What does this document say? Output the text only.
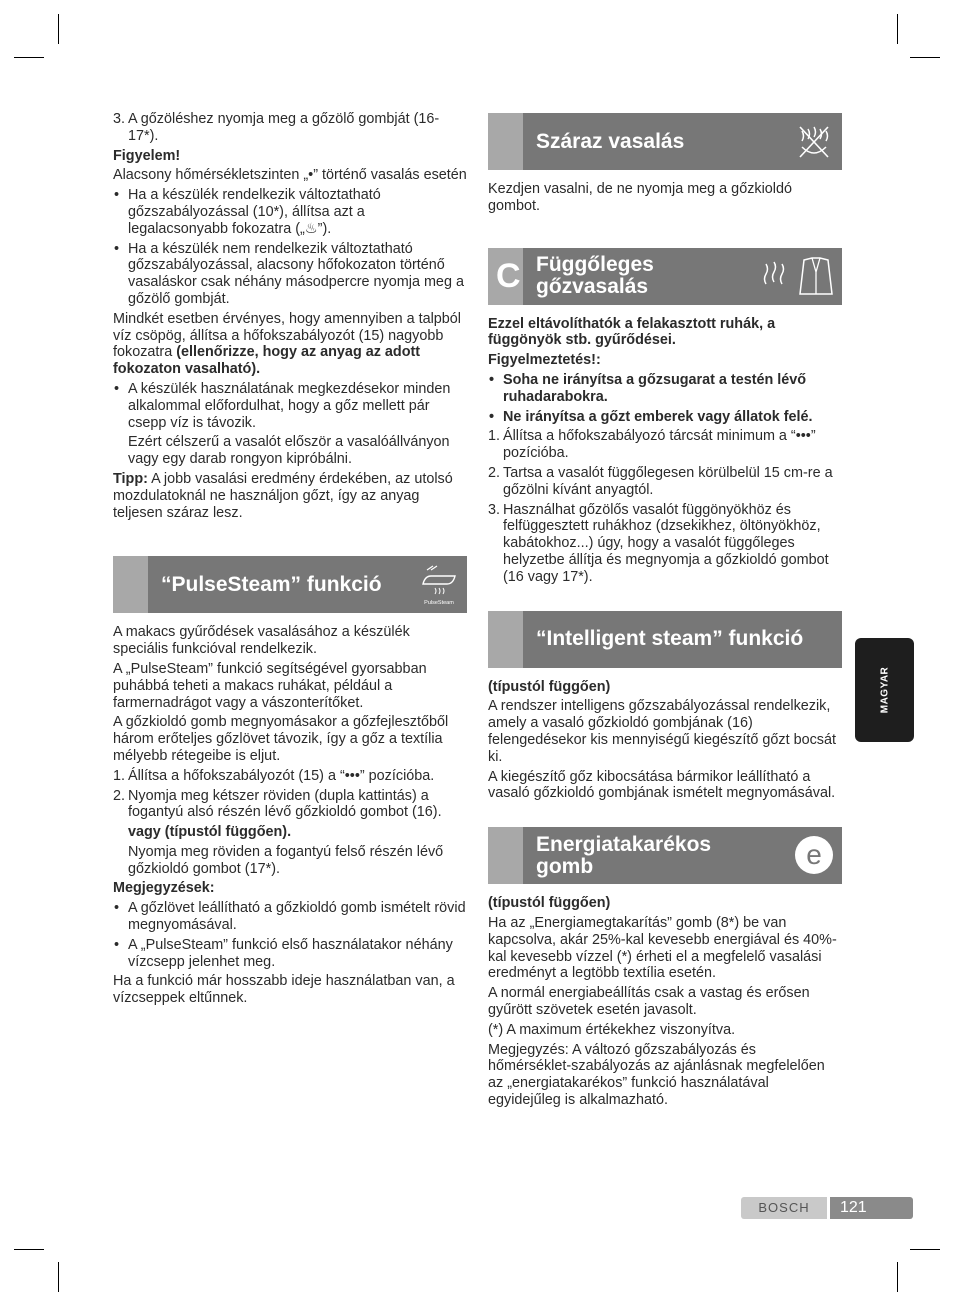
3. A gőzöléshez nyomja meg a gőzölő gombját (16-17*).

Figyelem!

Alacsony hőmérsékletszinten „•” történő vasalás esetén

• Ha a készülék rendelkezik változtatható gőzszabályozással (10*), állítsa azt a legalacsonyabb fokozatra („♨”).
• Ha a készülék nem rendelkezik változtatható gőzszabályozással, alacsony hőfokozaton történő vasaláskor csak néhány másodpercre nyomja meg a gőzölő gombját.

Mindkét esetben érvényes, hogy amennyiben a talpból víz csöpög, állítsa a hőfokszabályozót (15) nagyobb fokozatra (ellenőrizze, hogy az anyag az adott fokozaton vasalható).

• A készülék használatának megkezdésekor minden alkalommal előfordulhat, hogy a gőz mellett pár csepp víz is távozik.

Ezért célszerű a vasalót először a vasalóállványon vagy egy darab rongyon kipróbálni.

Tipp: A jobb vasalási eredmény érdekében, az utolsó mozdulatoknál ne használjon gőzt, így az anyag teljesen száraz lesz.

“PulseSteam” funkció
PulseSteam

A makacs gyűrődések vasalásához a készülék speciális funkcióval rendelkezik.

A „PulseSteam” funkció segítségével gyorsabban puhábbá teheti a makacs ruhákat, például a farmernadrágot vagy a vászonterítőket.

A gőzkioldó gomb megnyomásakor a gőzfejlesztőből három erőteljes gőzlövet távozik, így a gőz a textília mélyebb rétegeibe is eljut.

1. Állítsa a hőfokszabályozót (15) a “•••” pozícióba.
2. Nyomja meg kétszer röviden (dupla kattintás) a fogantyú alsó részén lévő gőzkioldó gombot (16).

vagy (típustól függően).

Nyomja meg röviden a fogantyú felső részén lévő gőzkioldó gombot (17*).

Megjegyzések:

• A gőzlövet leállítható a gőzkioldó gomb ismételt rövid megnyomásával.
• A „PulseSteam” funkció első használatakor néhány vízcsepp jelenhet meg.

Ha a funkció már hosszabb ideje használatban van, a vízcseppek eltűnnek.

Száraz vasalás

Kezdjen vasalni, de ne nyomja meg a gőzkioldó gombot.

C Függőleges gőzvasalás

Ezzel eltávolíthatók a felakasztott ruhák, a függönyök stb. gyűrődései.

Figyelmeztetés!:

• Soha ne irányítsa a gőzsugarat a testén lévő ruhadarabokra.
• Ne irányítsa a gőzt emberek vagy állatok felé.
1. Állítsa a hőfokszabályozó tárcsát minimum a “•••” pozícióba.
2. Tartsa a vasalót függőlegesen körülbelül 15 cm-re a gőzölni kívánt anyagtól.
3. Használhat gőzölős vasalót függönyökhöz és felfüggesztett ruhákhoz (dzsekikhez, öltönyökhöz, kabátokhoz...) úgy, hogy a vasalót függőleges helyzetbe állítja és megnyomja a gőzkioldó gombot (16 vagy 17*).
“Intelligent steam” funkció

(típustól függően)

A rendszer intelligens gőzszabályozással rendelkezik, amely a vasaló gőzkioldó gombjának (16) felengedésekor kis mennyiségű kiegészítő gőzt bocsát ki.

A kiegészítő gőz kibocsátása bármikor leállítható a vasaló gőzkioldó gombjának ismételt megnyomásával.

Energiatakarékos gomb	e

(típustól függően)

Ha az „Energiamegtakarítás” gomb (8*) be van kapcsolva, akár 25%-kal kevesebb energiával és 40%-kal kevesebb vízzel (*) érheti el a megfelelő vasalási eredményt a legtöbb textília esetén.

A normál energiabeállítás csak a vastag és erősen gyűrött szövetek esetén javasolt.

(*) A maximum értékekhez viszonyítva.

Megjegyzés: A változó gőzszabályozás és hőmérséklet-szabályozás az ajánlásnak megfelelően az „energiatakarékos” funkció használatával egyidejűleg is alkalmazható.

MAGYAR
BOSCH	121
